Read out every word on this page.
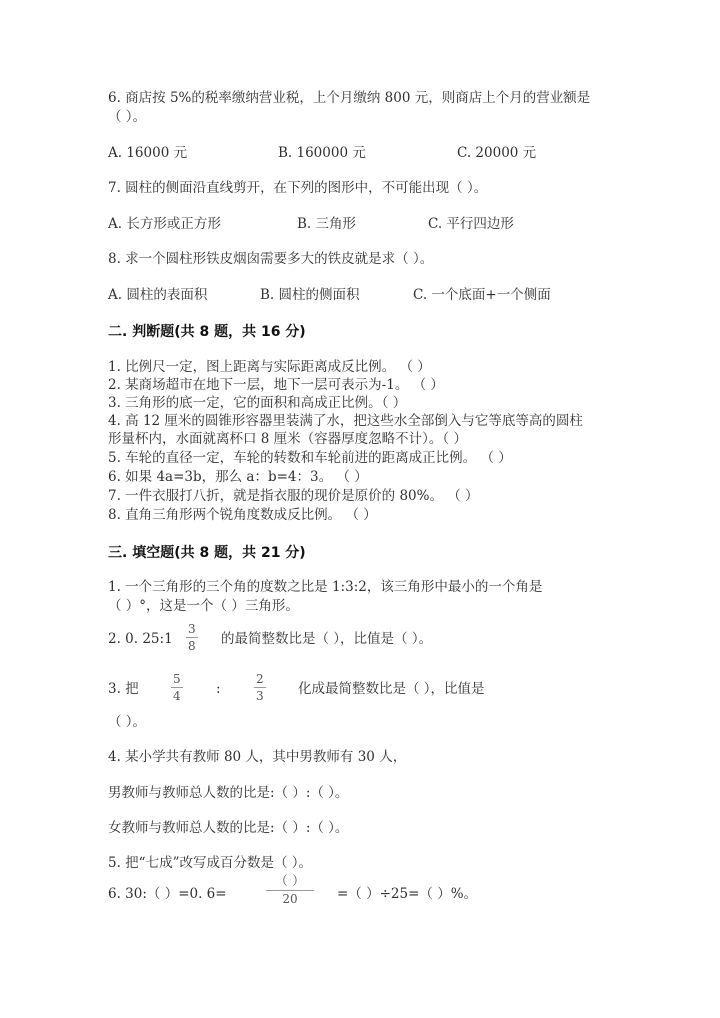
6. 商店按 5%的税率缴纳营业税，上个月缴纳 800 元，则商店上个月的营业额是
（ ）。
A. 16000 元	B. 160000 元	C. 20000 元
7. 圆柱的侧面沿直线剪开，在下列的图形中，不可能出现（ ）。
A. 长方形或正方形	B. 三角形	C. 平行四边形
8. 求一个圆柱形铁皮烟囱需要多大的铁皮就是求（ ）。
A. 圆柱的表面积	B. 圆柱的侧面积	C. 一个底面+一个侧面
二. 判断题(共 8 题，共 16 分)
1. 比例尺一定，图上距离与实际距离成反比例。 （ ）
2. 某商场超市在地下一层，地下一层可表示为-1。 （ ）
3. 三角形的底一定，它的面积和高成正比例。（ ）
4. 高 12 厘米的圆锥形容器里装满了水，把这些水全部倒入与它等底等高的圆柱
形量杯内，水面就离杯口 8 厘米（容器厚度忽略不计）。（ ）
5. 车轮的直径一定，车轮的转数和车轮前进的距离成正比例。 （ ）
6. 如果 4a=3b，那么 a：b=4：3。 （ ）
7. 一件衣服打八折，就是指衣服的现价是原价的 80%。 （ ）
8. 直角三角形两个锐角度数成反比例。 （ ）
三. 填空题(共 8 题，共 21 分)
1. 一个三角形的三个角的度数之比是 1:3:2，该三角形中最小的一个角是
（ ）°，这是一个（ ）三角形。
2. 0. 25:1
3
8 的最简整数比是（ ），比值是（ ）。
3. 把
5
4	:
2
3	化成最简整数比是（ ），比值是
（ ）。
4. 某小学共有教师 80 人，其中男教师有 30 人，
男教师与教师总人数的比是:（ ）:（ ）。
女教师与教师总人数的比是:（ ）:（ ）。
5. 把“七成”改写成百分数是（ ）。
6. 30:（ ）=0. 6=
（ ）
20	=（ ）÷25=（ ）%。
